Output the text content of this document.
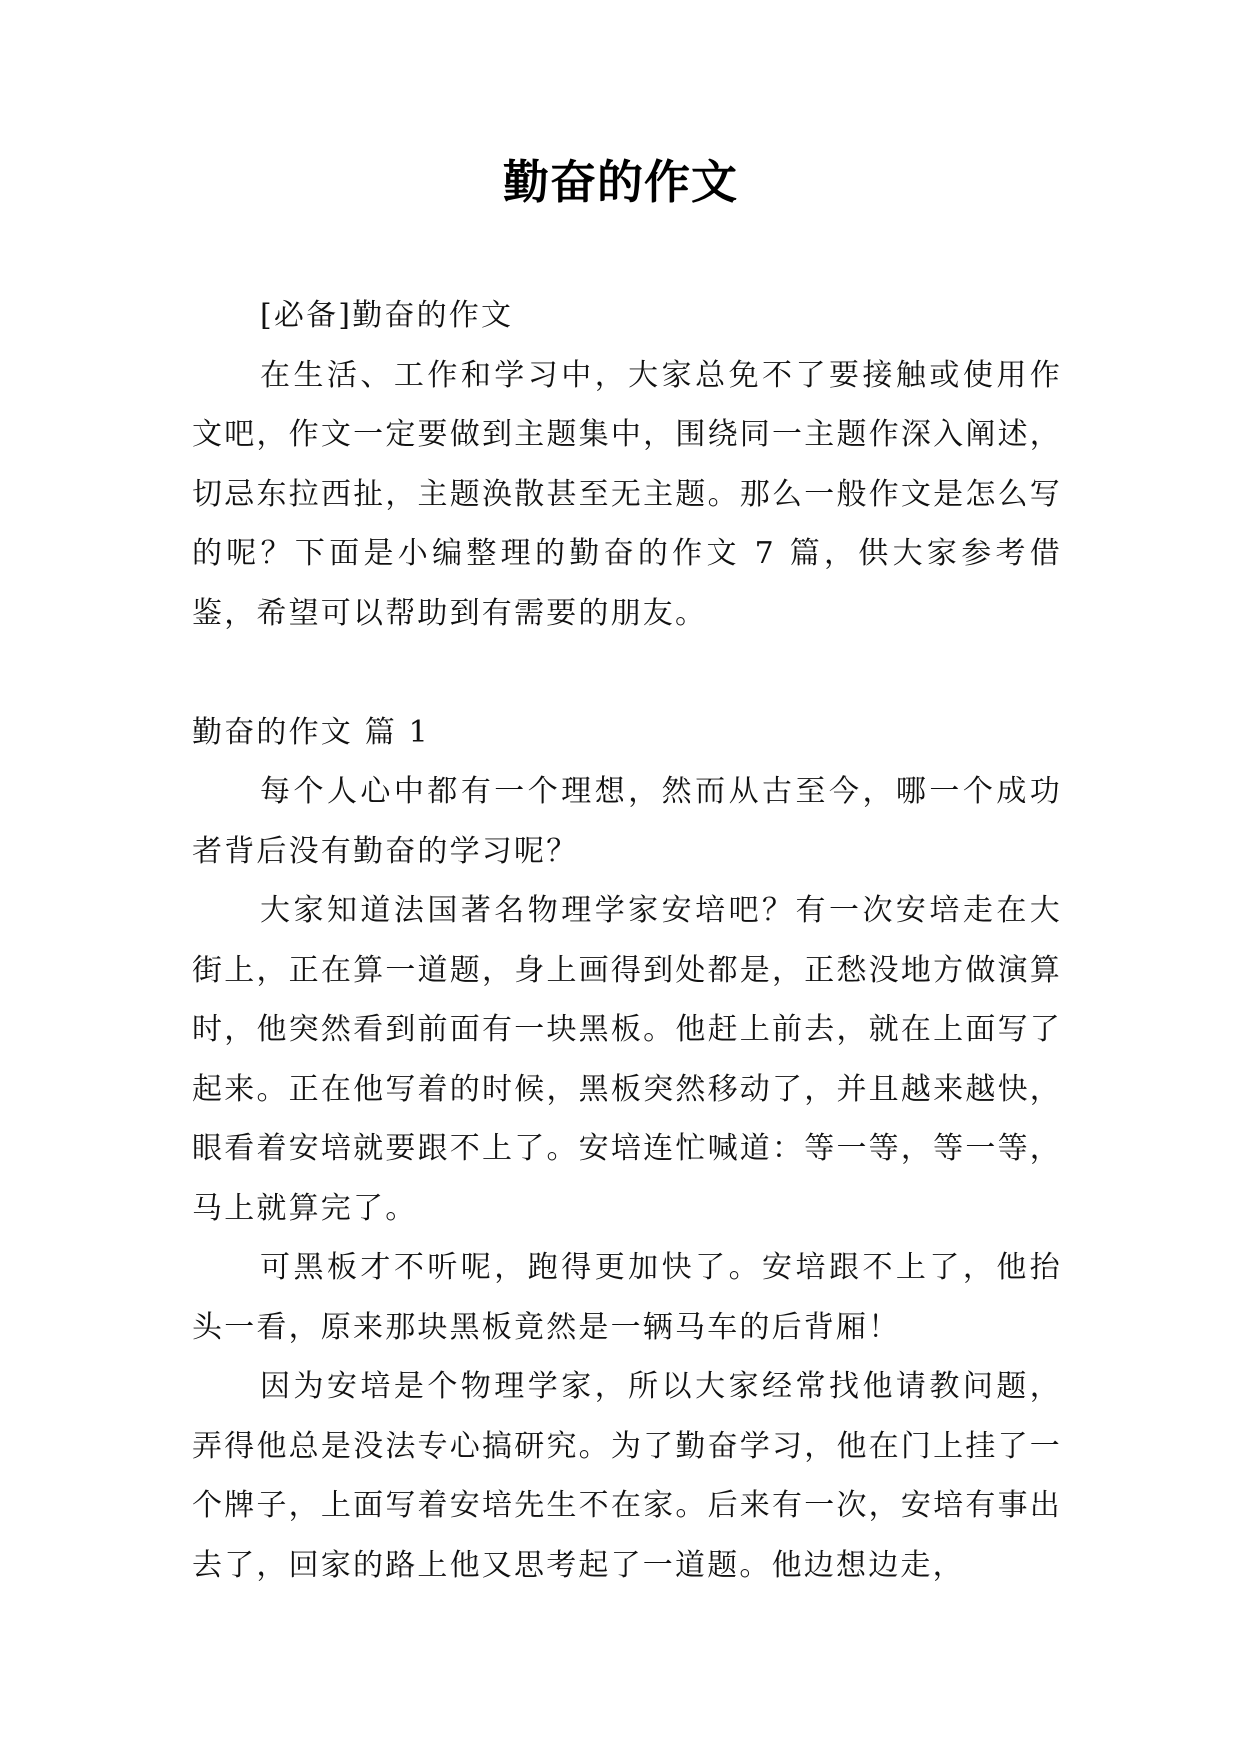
勤奋的作文

[必备]勤奋的作文

在生活、工作和学习中，大家总免不了要接触或使用作文吧，作文一定要做到主题集中，围绕同一主题作深入阐述，切忌东拉西扯，主题涣散甚至无主题。那么一般作文是怎么写的呢？下面是小编整理的勤奋的作文 7 篇，供大家参考借鉴，希望可以帮助到有需要的朋友。

勤奋的作文 篇 1

每个人心中都有一个理想，然而从古至今，哪一个成功者背后没有勤奋的学习呢？

大家知道法国著名物理学家安培吧？有一次安培走在大街上，正在算一道题，身上画得到处都是，正愁没地方做演算时，他突然看到前面有一块黑板。他赶上前去，就在上面写了起来。正在他写着的时候，黑板突然移动了，并且越来越快，眼看着安培就要跟不上了。安培连忙喊道：等一等，等一等，马上就算完了。

可黑板才不听呢，跑得更加快了。安培跟不上了，他抬头一看，原来那块黑板竟然是一辆马车的后背厢！

因为安培是个物理学家，所以大家经常找他请教问题，弄得他总是没法专心搞研究。为了勤奋学习，他在门上挂了一个牌子，上面写着安培先生不在家。后来有一次，安培有事出去了，回家的路上他又思考起了一道题。他边想边走，
